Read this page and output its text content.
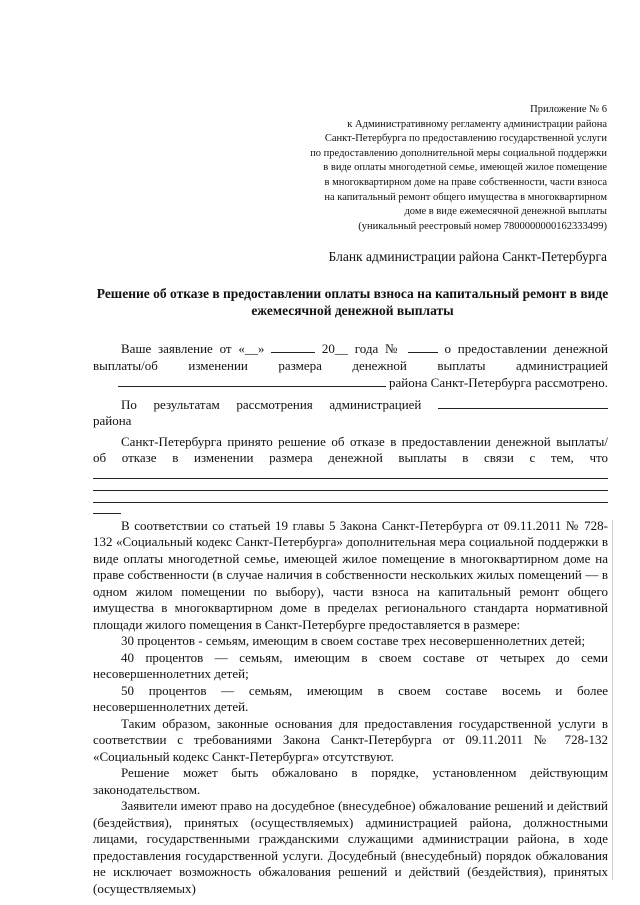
Приложение № 6
к Административному регламенту администрации района
Санкт-Петербурга по предоставлению государственной услуги
по предоставлению дополнительной меры социальной поддержки
в виде оплаты многодетной семье, имеющей жилое помещение
в многоквартирном доме на праве собственности, части взноса
на капитальный ремонт общего имущества в многоквартирном
доме в виде ежемесячной денежной выплаты
(уникальный реестровый номер 7800000000162333499)
Бланк администрации района Санкт-Петербурга
Решение об отказе в предоставлении оплаты взноса на капитальный ремонт в виде
ежемесячной денежной выплаты

Ваше заявление от «__»	20__ года №	о предоставлении денежной

выплаты/об изменении размера денежной выплаты администрацией

района Санкт-Петербурга рассмотрено.

По результатам рассмотрения администрацией

района

Санкт-Петербурга принято решение об отказе в предоставлении денежной выплаты/

об отказе в изменении размера денежной выплаты в связи с тем, что

В соответствии со статьей 19 главы 5 Закона Санкт-Петербурга от 09.11.2011 № 728-132 «Социальный кодекс Санкт-Петербурга» дополнительная мера социальной поддержки в виде оплаты многодетной семье, имеющей жилое помещение в многоквартирном доме на праве собственности (в случае наличия в собственности нескольких жилых помещений — в одном жилом помещении по выбору), части взноса на капитальный ремонт общего имущества в многоквартирном доме в пределах регионального стандарта нормативной площади жилого помещения в Санкт-Петербурге предоставляется в размере:

30 процентов - семьям, имеющим в своем составе трех несовершеннолетних детей;

40 процентов — семьям, имеющим в своем составе от четырех до семи несовершеннолетних детей;

50 процентов — семьям, имеющим в своем составе восемь и более несовершеннолетних детей.

Таким образом, законные основания для предоставления государственной услуги в соответствии с требованиями Закона Санкт-Петербурга от 09.11.2011 № 728-132 «Социальный кодекс Санкт-Петербурга» отсутствуют.

Решение может быть обжаловано в порядке, установленном действующим законодательством.

Заявители имеют право на досудебное (внесудебное) обжалование решений и действий (бездействия), принятых (осуществляемых) администрацией района, должностными лицами, государственными гражданскими служащими администрации района, в ходе предоставления государственной услуги. Досудебный (внесудебный) порядок обжалования не исключает возможность обжалования решений и действий (бездействия), принятых (осуществляемых)
